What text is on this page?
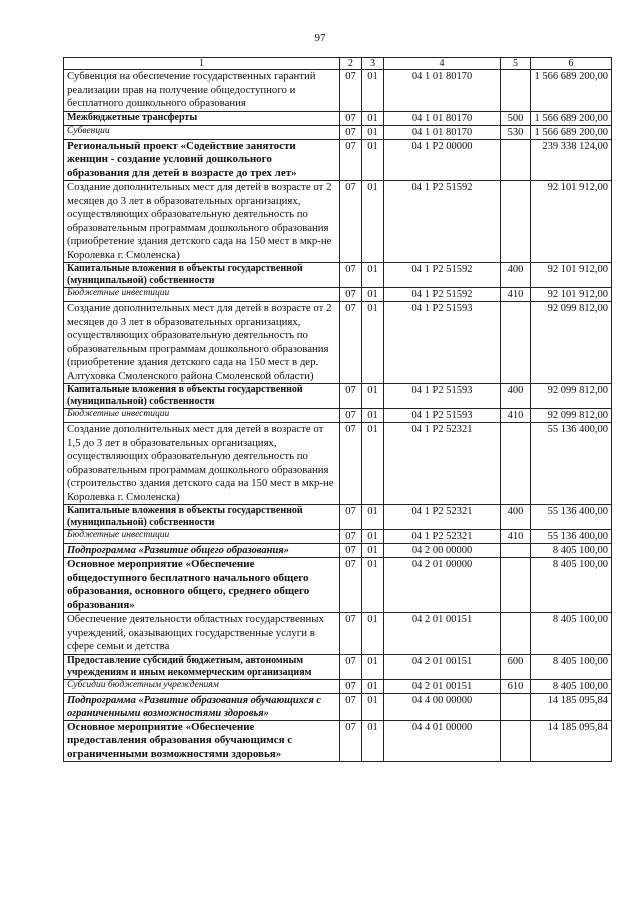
97
1	2	3	4	5	6
Субвенция на обеспечение государственных гарантий реализации прав на получение общедоступного и бесплатного дошкольного образования	07	01	04 1 01 80170		1 566 689 200,00
Межбюджетные трансферты	07	01	04 1 01 80170	500	1 566 689 200,00
Субвенции	07	01	04 1 01 80170	530	1 566 689 200,00
Региональный проект «Содействие занятости женщин - создание условий дошкольного образования для детей в возрасте до трех лет»	07	01	04 1 P2 00000		239 338 124,00
Создание дополнительных мест для детей в возрасте от 2 месяцев до 3 лет в образовательных организациях, осуществляющих образовательную деятельность по образовательным программам дошкольного образования (приобретение здания детского сада на 150 мест в мкр-не Королевка г. Смоленска)	07	01	04 1 P2 51592		92 101 912,00
Капитальные вложения в объекты государственной (муниципальной) собственности	07	01	04 1 P2 51592	400	92 101 912,00
Бюджетные инвестиции	07	01	04 1 P2 51592	410	92 101 912,00
Создание дополнительных мест для детей в возрасте от 2 месяцев до 3 лет в образовательных организациях, осуществляющих образовательную деятельность по образовательным программам дошкольного образования (приобретение здания детского сада на 150 мест в дер. Алтуховка Смоленского района Смоленской области)	07	01	04 1 P2 51593		92 099 812,00
Капитальные вложения в объекты государственной (муниципальной) собственности	07	01	04 1 P2 51593	400	92 099 812,00
Бюджетные инвестиции	07	01	04 1 P2 51593	410	92 099 812,00
Создание дополнительных мест для детей в возрасте от 1,5 до 3 лет в образовательных организациях, осуществляющих образовательную деятельность по образовательным программам дошкольного образования (строительство здания детского сада на 150 мест в мкр-не Королевка г. Смоленска)	07	01	04 1 P2 52321		55 136 400,00
Капитальные вложения в объекты государственной (муниципальной) собственности	07	01	04 1 P2 52321	400	55 136 400,00
Бюджетные инвестиции	07	01	04 1 P2 52321	410	55 136 400,00
Подпрограмма «Развитие общего образования»	07	01	04 2 00 00000		8 405 100,00
Основное мероприятие «Обеспечение общедоступного бесплатного начального общего образования, основного общего, среднего общего образования»	07	01	04 2 01 00000		8 405 100,00
Обеспечение деятельности областных государственных учреждений, оказывающих государственные услуги в сфере семьи и детства	07	01	04 2 01 00151		8 405 100,00
Предоставление субсидий бюджетным, автономным учреждениям и иным некоммерческим организациям	07	01	04 2 01 00151	600	8 405 100,00
Субсидии бюджетным учреждениям	07	01	04 2 01 00151	610	8 405 100,00
Подпрограмма «Развитие образования обучающихся с ограниченными возможностями здоровья»	07	01	04 4 00 00000		14 185 095,84
Основное мероприятие «Обеспечение предоставления образования обучающимся с ограниченными возможностями здоровья»	07	01	04 4 01 00000		14 185 095,84
